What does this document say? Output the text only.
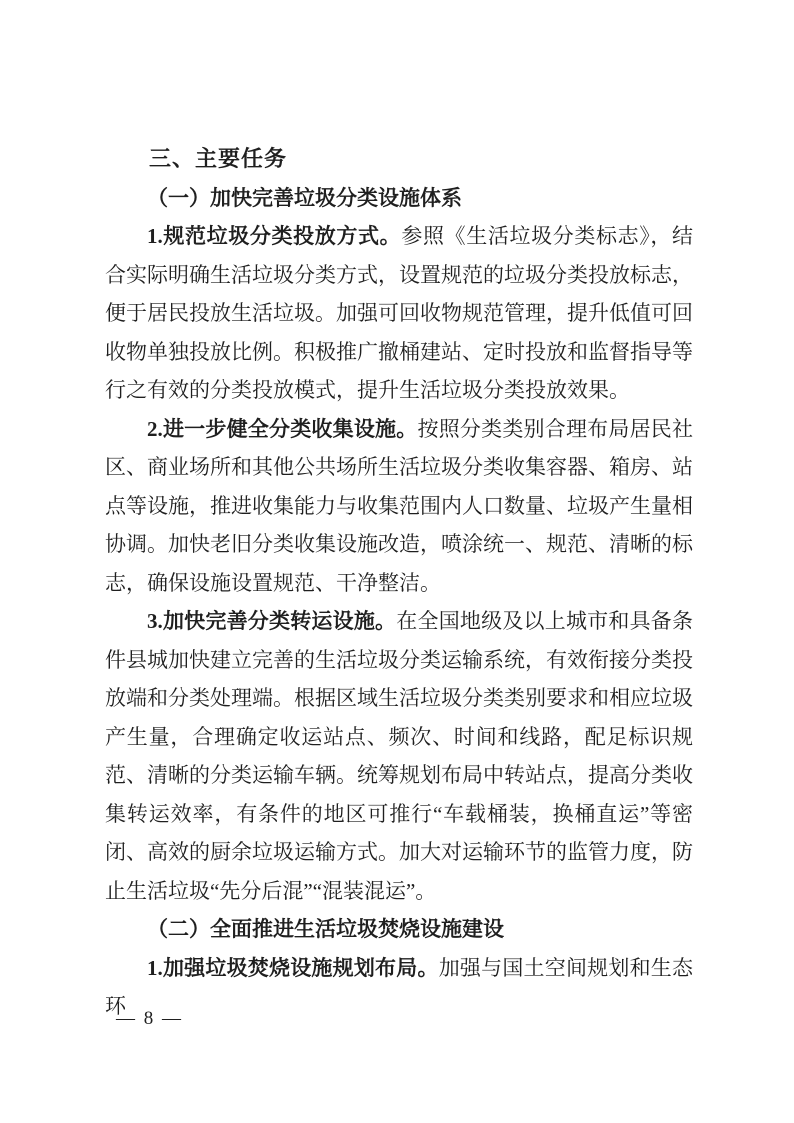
三、主要任务

（一）加快完善垃圾分类设施体系

1.规范垃圾分类投放方式。参照《生活垃圾分类标志》，结合实际明确生活垃圾分类方式，设置规范的垃圾分类投放标志，便于居民投放生活垃圾。加强可回收物规范管理，提升低值可回收物单独投放比例。积极推广撤桶建站、定时投放和监督指导等行之有效的分类投放模式，提升生活垃圾分类投放效果。

2.进一步健全分类收集设施。按照分类类别合理布局居民社区、商业场所和其他公共场所生活垃圾分类收集容器、箱房、站点等设施，推进收集能力与收集范围内人口数量、垃圾产生量相协调。加快老旧分类收集设施改造，喷涂统一、规范、清晰的标志，确保设施设置规范、干净整洁。

3.加快完善分类转运设施。在全国地级及以上城市和具备条件县城加快建立完善的生活垃圾分类运输系统，有效衔接分类投放端和分类处理端。根据区域生活垃圾分类类别要求和相应垃圾产生量，合理确定收运站点、频次、时间和线路，配足标识规范、清晰的分类运输车辆。统筹规划布局中转站点，提高分类收集转运效率，有条件的地区可推行“车载桶装，换桶直运”等密闭、高效的厨余垃圾运输方式。加大对运输环节的监管力度，防止生活垃圾“先分后混”“混装混运”。

（二）全面推进生活垃圾焚烧设施建设

1.加强垃圾焚烧设施规划布局。加强与国土空间规划和生态环

— 8 —
